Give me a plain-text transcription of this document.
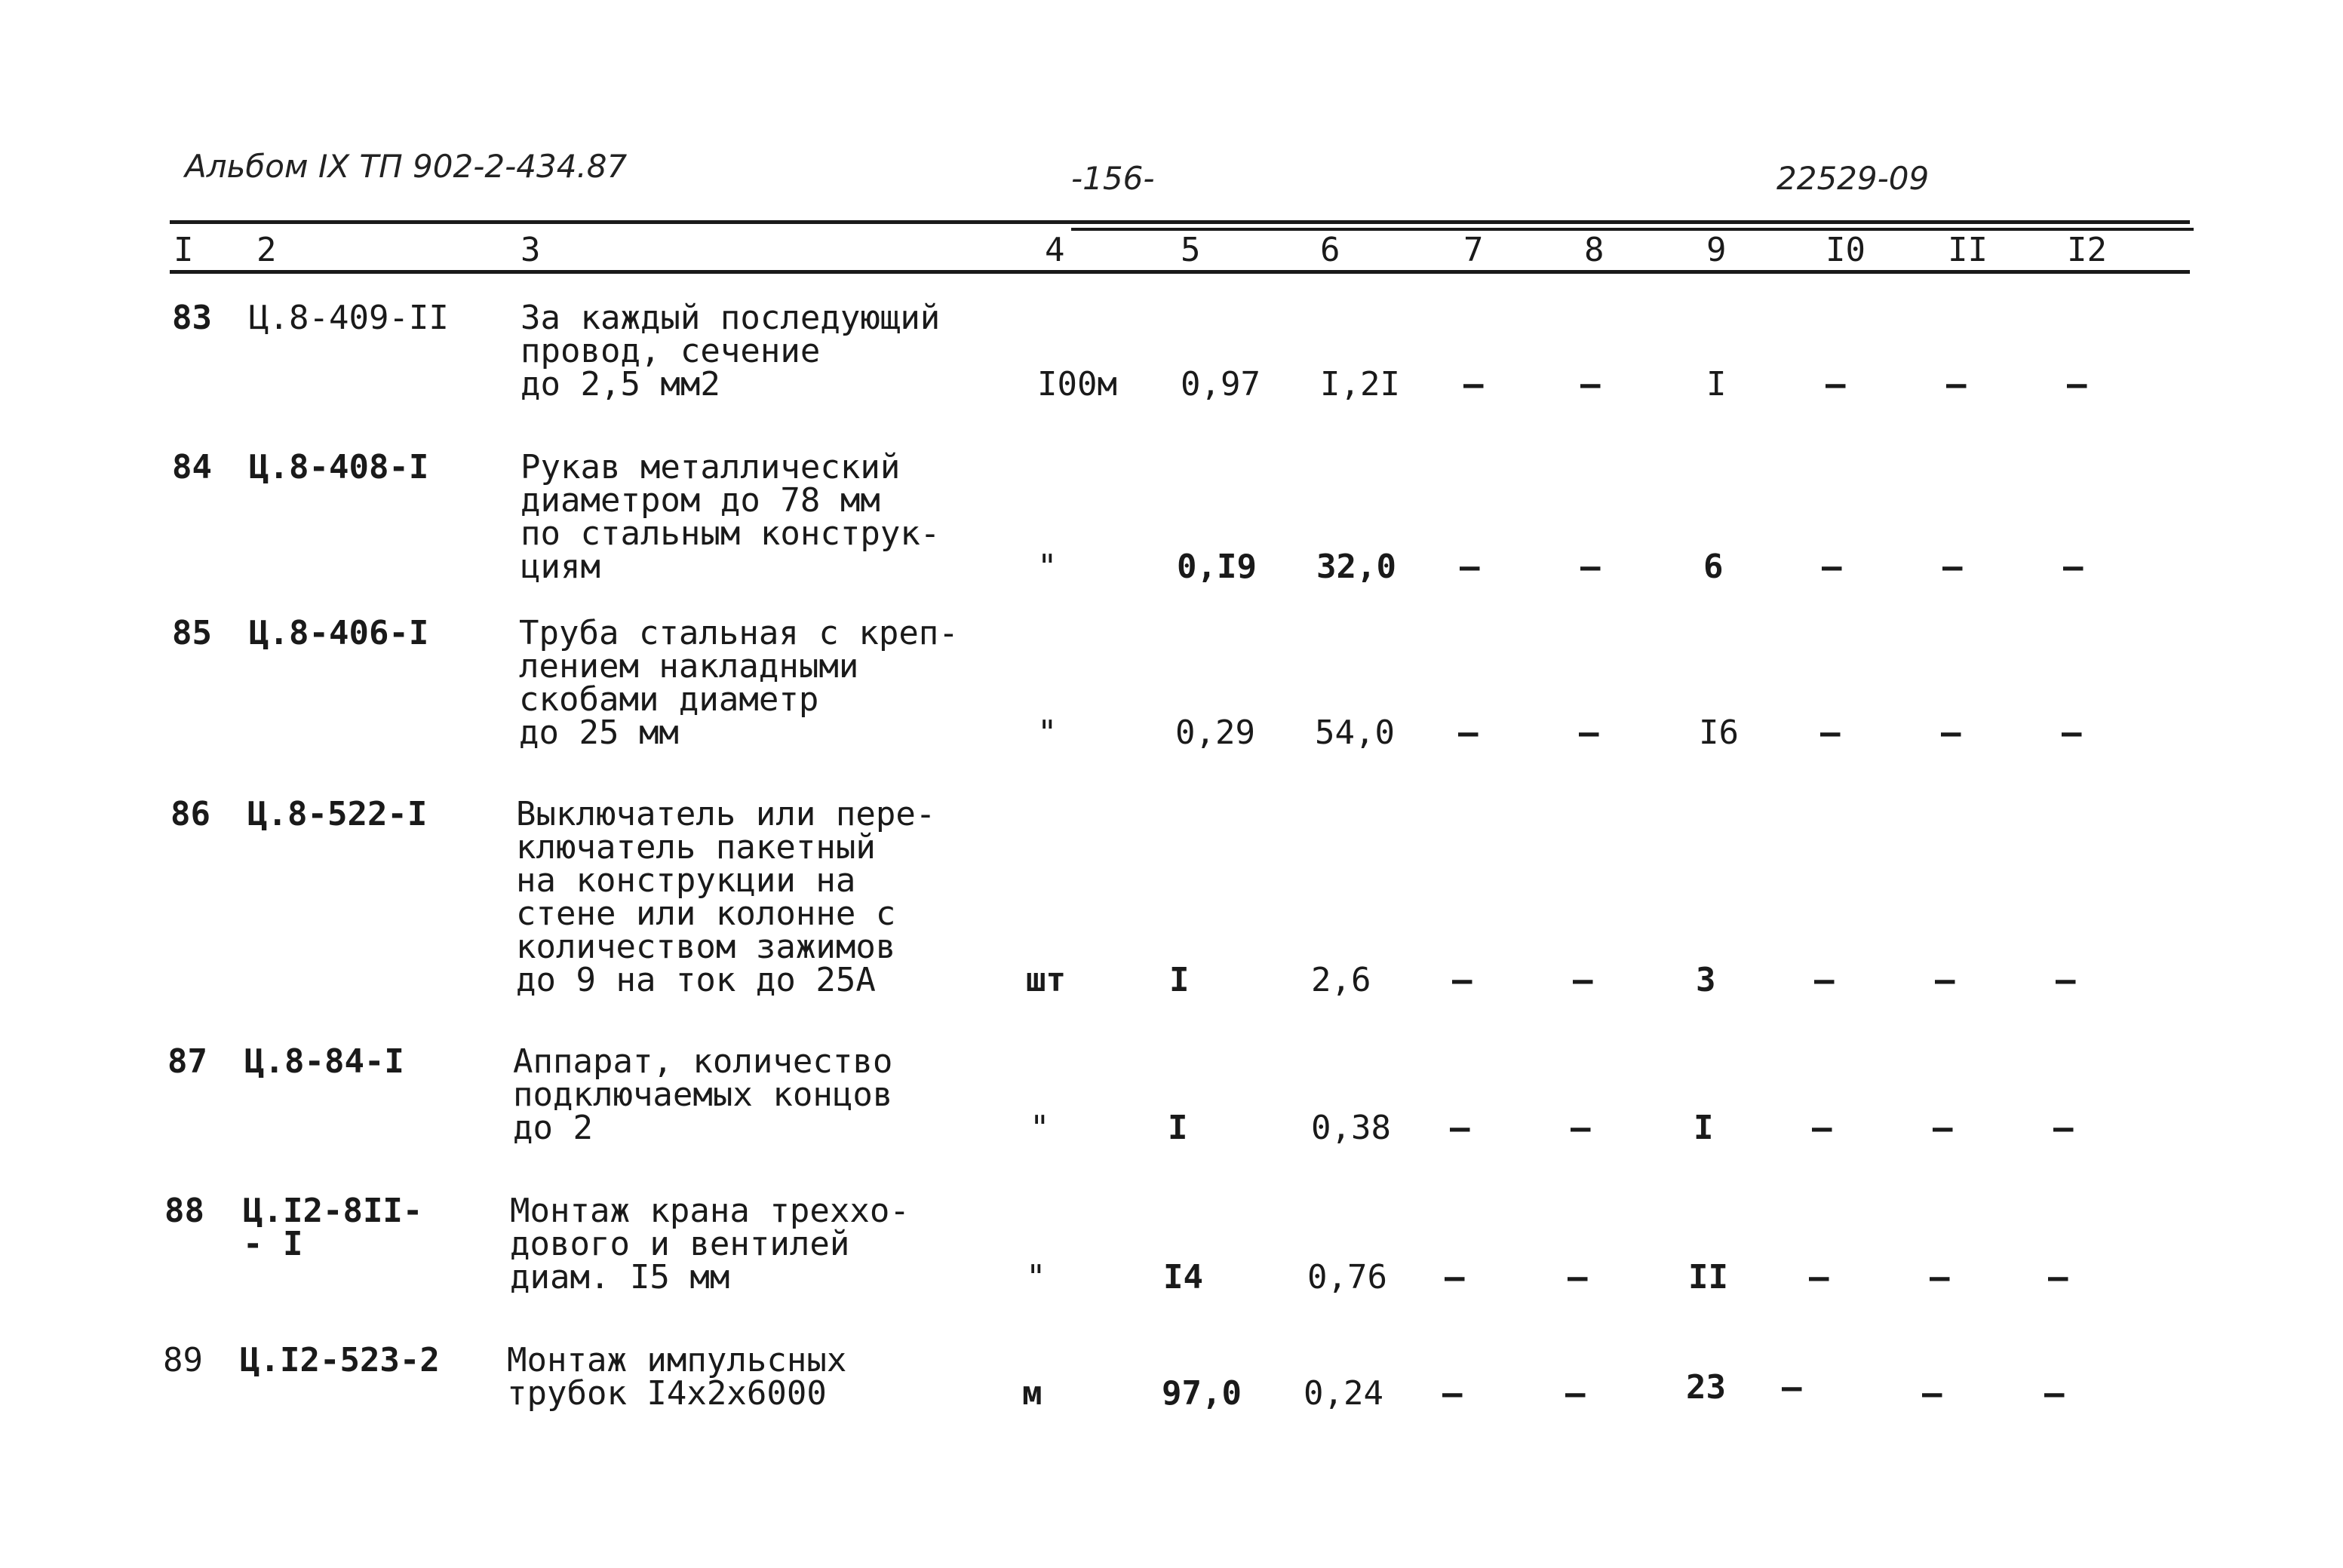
Альбом IX ТП 902-2-434.87	-156-	22529-09
I 2	3	4	5	6	7	8	9	I0 II I2
83 Ц.8-409-II За каждый последующий
провод, сечение
до 2,5 мм2	I00м 0,97 I,2I –	–	I	–	–	–
84 Ц.8-408-I	Рукав металлический
диаметром до 78 мм
по стальным конструк-
циям	"	0,I9 32,0 –	–	6	–	–	–
85 Ц.8-406-I	Труба стальная с креп-
лением накладными
скобами диаметр
до 25 мм	"	0,29 54,0 –	–	I6 –	–	–
86 Ц.8-522-I	Выключатель или пере-
ключатель пакетный
на конструкции на
стене или колонне с
количеством зажимов
до 9 на ток до 25А	шт	I	2,6 –	–	3	–	–	–
87 Ц.8-84-I	Аппарат, количество
подключаемых концов
до 2	"	I	0,38 –	–	I	–	–	–
88 Ц.I2-8II-
- I
Монтаж крана треххо-
дового и вентилей
диам. I5 мм	"	I4	0,76 –	–	II –	–	–
89 Ц.I2-523-2 Монтаж импульсных
трубок I4x2x6000	м	97,0 0,24 –	–	23 –	–	–
